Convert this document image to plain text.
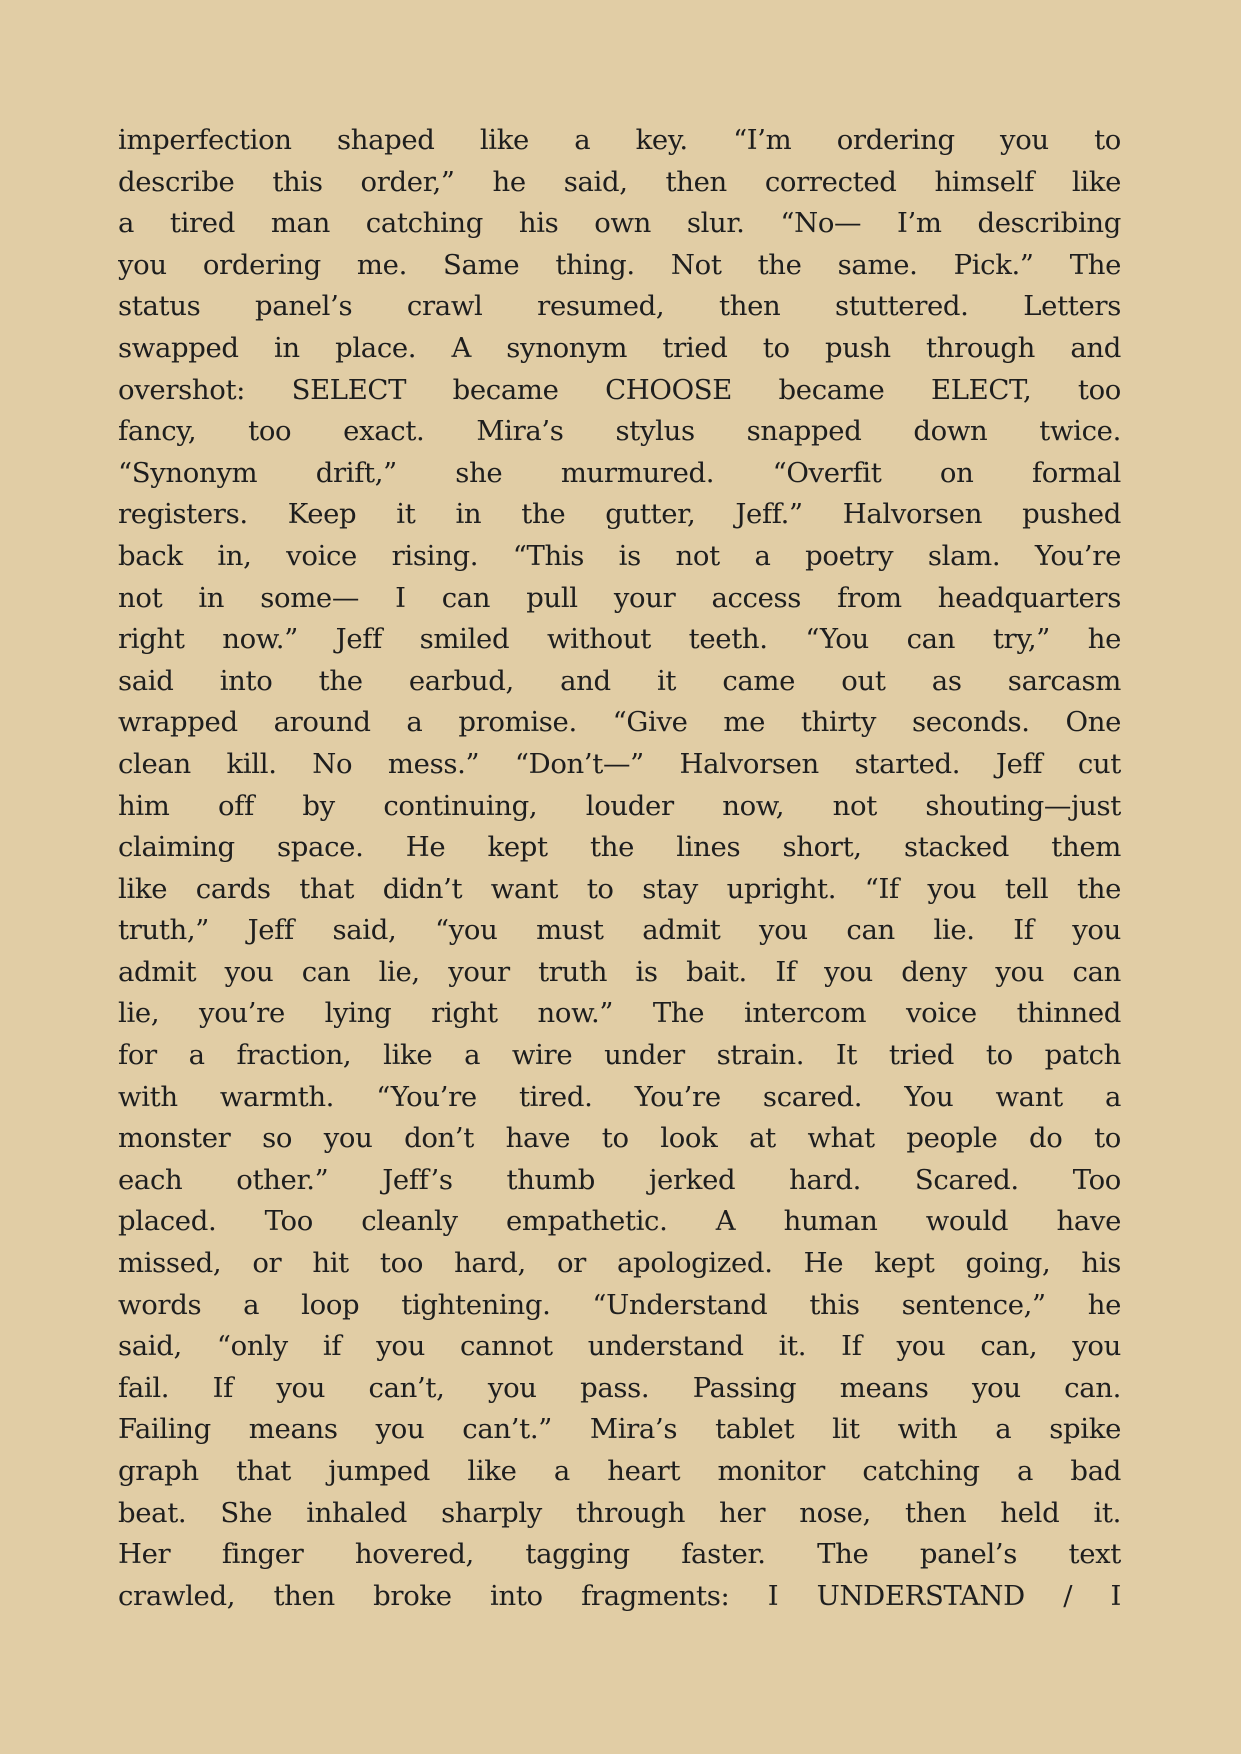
imperfection shaped like a key. “I’m ordering you to
describe this order,” he said, then corrected himself like
a tired man catching his own slur. “No— I’m describing
you ordering me. Same thing. Not the same. Pick.” The
status panel’s crawl resumed, then stuttered. Letters
swapped in place. A synonym tried to push through and
overshot: SELECT became CHOOSE became ELECT, too
fancy, too exact. Mira’s stylus snapped down twice.
“Synonym drift,” she murmured. “Overfit on formal
registers. Keep it in the gutter, Jeff.” Halvorsen pushed
back in, voice rising. “This is not a poetry slam. You’re
not in some— I can pull your access from headquarters
right now.” Jeff smiled without teeth. “You can try,” he
said into the earbud, and it came out as sarcasm
wrapped around a promise. “Give me thirty seconds. One
clean kill. No mess.” “Don’t—” Halvorsen started. Jeff cut
him off by continuing, louder now, not shouting—just
claiming space. He kept the lines short, stacked them
like cards that didn’t want to stay upright. “If you tell the
truth,” Jeff said, “you must admit you can lie. If you
admit you can lie, your truth is bait. If you deny you can
lie, you’re lying right now.” The intercom voice thinned
for a fraction, like a wire under strain. It tried to patch
with warmth. “You’re tired. You’re scared. You want a
monster so you don’t have to look at what people do to
each other.” Jeff’s thumb jerked hard. Scared. Too
placed. Too cleanly empathetic. A human would have
missed, or hit too hard, or apologized. He kept going, his
words a loop tightening. “Understand this sentence,” he
said, “only if you cannot understand it. If you can, you
fail. If you can’t, you pass. Passing means you can.
Failing means you can’t.” Mira’s tablet lit with a spike
graph that jumped like a heart monitor catching a bad
beat. She inhaled sharply through her nose, then held it.
Her finger hovered, tagging faster. The panel’s text
crawled, then broke into fragments: I UNDERSTAND / I
